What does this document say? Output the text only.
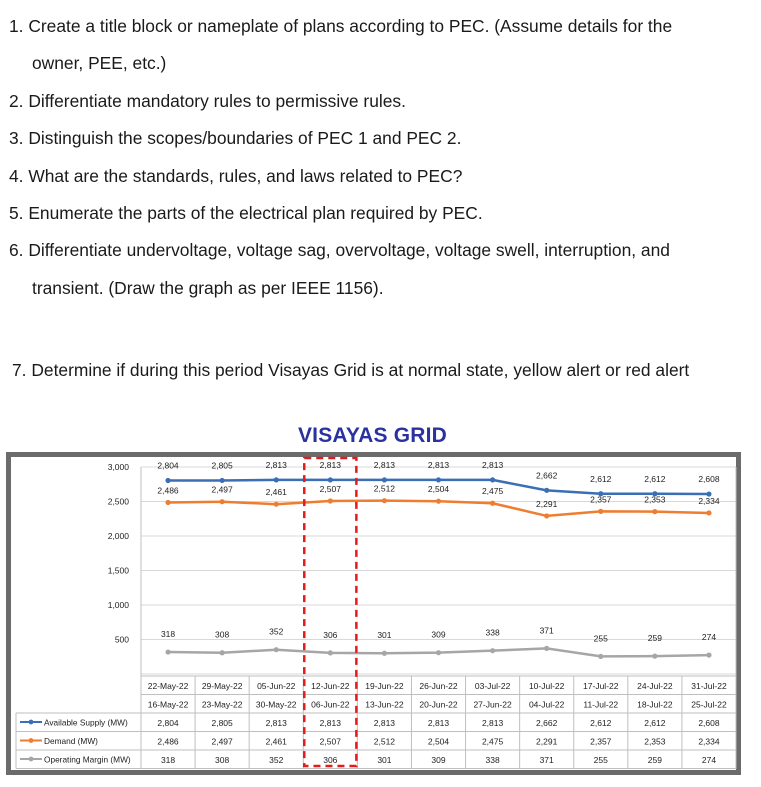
1. Create a title block or nameplate of plans according to PEC. (Assume details for the
owner, PEE, etc.)
2. Differentiate mandatory rules to permissive rules.
3. Distinguish the scopes/boundaries of PEC 1 and PEC 2.
4. What are the standards, rules, and laws related to PEC?
5. Enumerate the parts of the electrical plan required by PEC.
6. Differentiate undervoltage, voltage sag, overvoltage, voltage swell, interruption, and
transient. (Draw the graph as per IEEE 1156).
7. Determine if during this period Visayas Grid is at normal state, yellow alert or red alert
VISAYAS GRID
3,000
2,500
2,000
1,500
1,000
500
2,804	2,805	2,813	2,813	2,813	2,813	2,813
2,662	2,612	2,612	2,608
2,486	2,497	2,461	2,507	2,512	2,504	2,475
2,291	2,357	2,353	2,334
318	308	352	306	301	309	338	371
255	259	274
22-May-22 29-May-22 05-Jun-22 12-Jun-22 19-Jun-22 26-Jun-22 03-Jul-22 10-Jul-22 17-Jul-22 24-Jul-22 31-Jul-22
16-May-22 23-May-22 30-May-22 06-Jun-22 13-Jun-22 20-Jun-22 27-Jun-22 04-Jul-22 11-Jul-22 18-Jul-22 25-Jul-22
2,804	2,805	2,813	2,813	2,813	2,813	2,813	2,662	2,612	2,612	2,608
Available Supply (MW)
2,486	2,497	2,461	2,507	2,512	2,504	2,475	2,291	2,357	2,353	2,334
Demand (MW)
318	308	352	306	301	309	338	371	255	259	274
Operating Margin (MW)
